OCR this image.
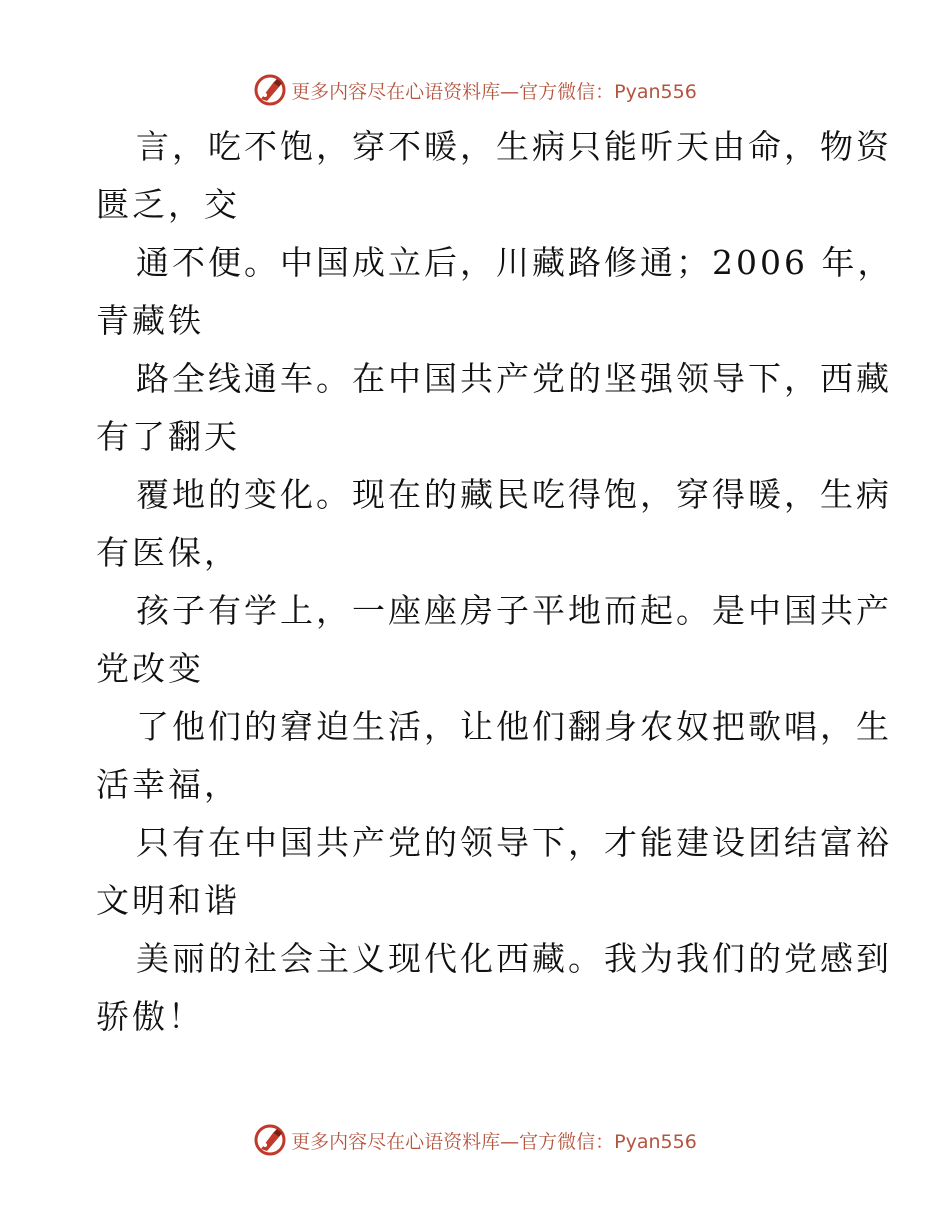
更多内容尽在心语资料库—官方微信：Pyan556
言，吃不饱，穿不暖，生病只能听天由命，物资
匮乏，交
通不便。中国成立后，川藏路修通；2006 年，
青藏铁
路全线通车。在中国共产党的坚强领导下，西藏
有了翻天
覆地的变化。现在的藏民吃得饱，穿得暖，生病
有医保，
孩子有学上，一座座房子平地而起。是中国共产
党改变
了他们的窘迫生活，让他们翻身农奴把歌唱，生
活幸福，
只有在中国共产党的领导下，才能建设团结富裕
文明和谐
美丽的社会主义现代化西藏。我为我们的党感到
骄傲！
更多内容尽在心语资料库—官方微信：Pyan556
